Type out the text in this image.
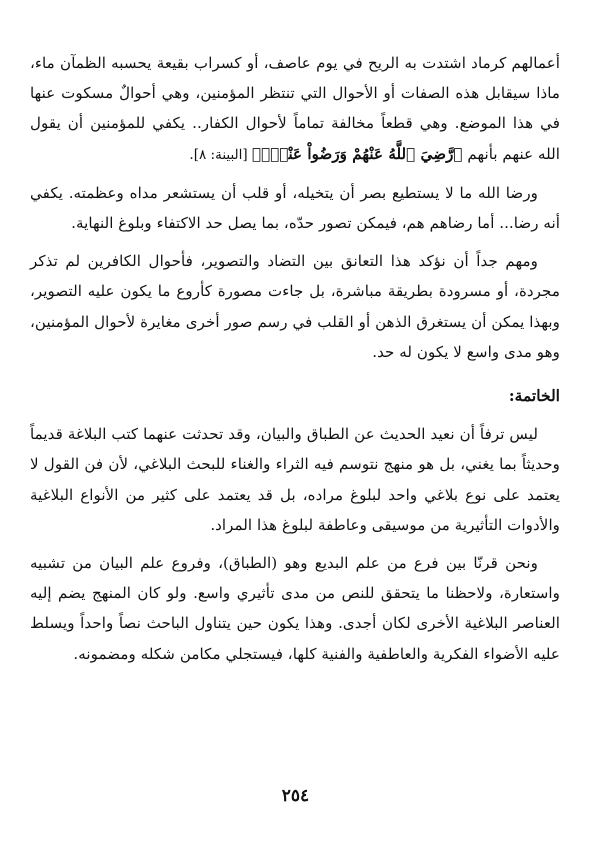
أعمالهم كرماد اشتدت به الريح في يوم عاصف، أو كسراب بقيعة يحسبه الظمآن ماء، ماذا سيقابل هذه الصفات أو الأحوال التي تنتظر المؤمنين، وهي أحوالٌ مسكوت عنها في هذا الموضع. وهي قطعاً مخالفة تماماً لأحوال الكفار.. يكفي للمؤمنين أن يقول الله عنهم بأنهم ﴿رَّضِيَ ٱللَّهُ عَنْهُمْ وَرَضُواْ عَنْهُۚ﴾ [البينة: ٨].

ورضا الله ما لا يستطيع بصر أن يتخيله، أو قلب أن يستشعر مداه وعظمته. يكفي أنه رضا... أما رضاهم هم، فيمكن تصور حدّه، بما يصل حد الاكتفاء وبلوغ النهاية.

ومهم جداً أن نؤكد هذا التعانق بين التضاد والتصوير، فأحوال الكافرين لم تذكر مجردة، أو مسرودة بطريقة مباشرة، بل جاءت مصورة كأروع ما يكون عليه التصوير، وبهذا يمكن أن يستغرق الذهن أو القلب في رسم صور أخرى مغايرة لأحوال المؤمنين، وهو مدى واسع لا يكون له حد.

الخاتمة:

ليس ترفاً أن نعيد الحديث عن الطباق والبيان، وقد تحدثت عنهما كتب البلاغة قديماً وحديثاً بما يغني، بل هو منهج نتوسم فيه الثراء والغناء للبحث البلاغي، لأن فن القول لا يعتمد على نوع بلاغي واحد لبلوغ مراده، بل قد يعتمد على كثير من الأنواع البلاغية والأدوات التأثيرية من موسيقى وعاطفة لبلوغ هذا المراد.

ونحن قرنّا بين فرع من علم البديع وهو (الطباق)، وفروع علم البيان من تشبيه واستعارة، ولاحظنا ما يتحقق للنص من مدى تأثيري واسع. ولو كان المنهج يضم إليه العناصر البلاغية الأخرى لكان أجدى. وهذا يكون حين يتناول الباحث نصاً واحداً ويسلط عليه الأضواء الفكرية والعاطفية والفنية كلها، فيستجلي مكامن شكله ومضمونه.

٢٥٤
